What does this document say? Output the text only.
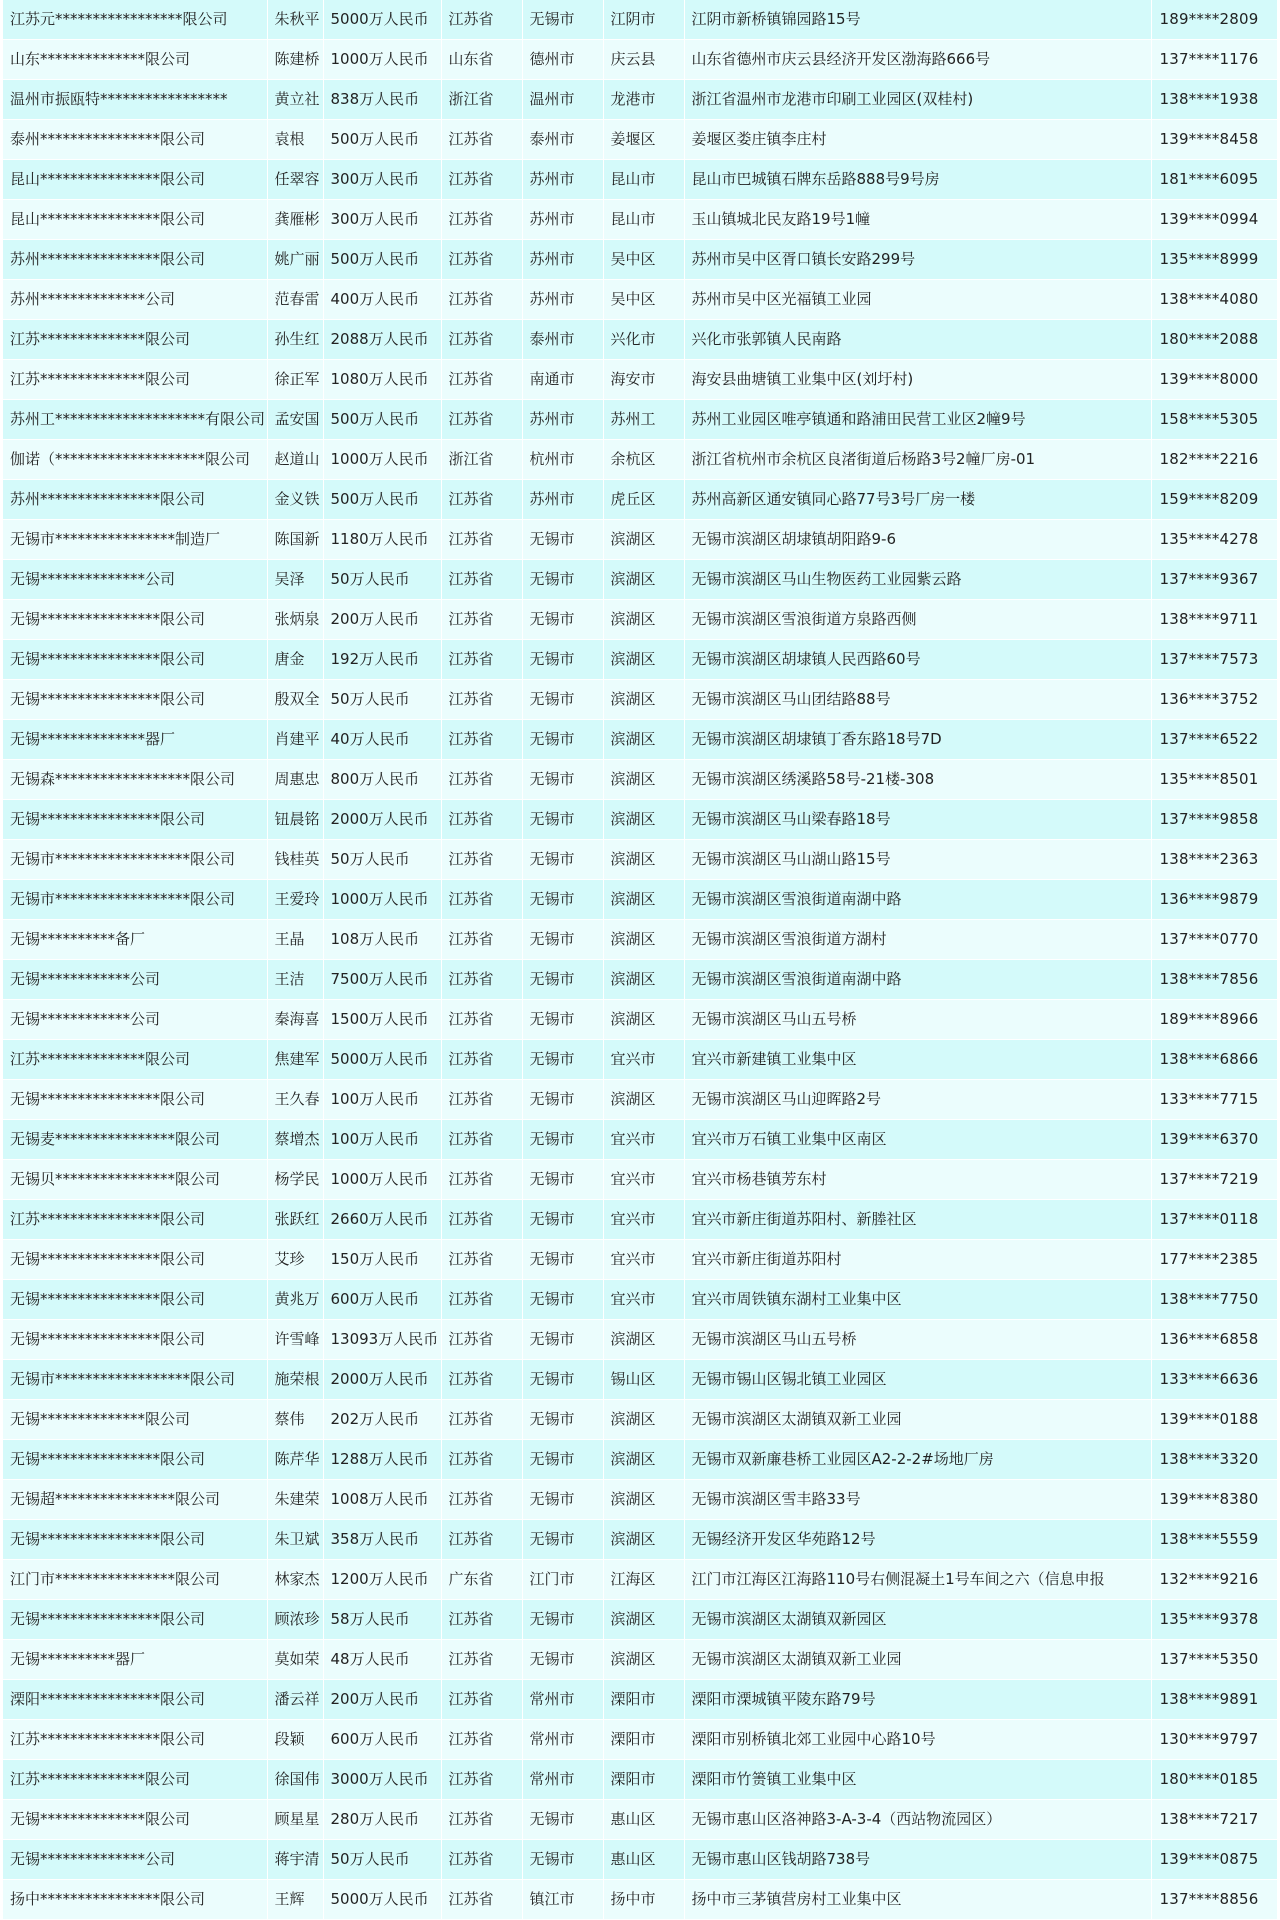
江苏元*****************限公司	朱秋平	5000万人民币	江苏省	无锡市	江阴市	江阴市新桥镇锦园路15号	189****2809
山东**************限公司	陈建桥	1000万人民币	山东省	德州市	庆云县	山东省德州市庆云县经济开发区渤海路666号	137****1176
温州市振瓯特*****************	黄立社	838万人民币	浙江省	温州市	龙港市	浙江省温州市龙港市印刷工业园区(双桂村)	138****1938
泰州****************限公司	袁根	500万人民币	江苏省	泰州市	姜堰区	姜堰区娄庄镇李庄村	139****8458
昆山****************限公司	任翠容	300万人民币	江苏省	苏州市	昆山市	昆山市巴城镇石牌东岳路888号9号房	181****6095
昆山****************限公司	龚雁彬	300万人民币	江苏省	苏州市	昆山市	玉山镇城北民友路19号1幢	139****0994
苏州****************限公司	姚广丽	500万人民币	江苏省	苏州市	吴中区	苏州市吴中区胥口镇长安路299号	135****8999
苏州**************公司	范春雷	400万人民币	江苏省	苏州市	吴中区	苏州市吴中区光福镇工业园	138****4080
江苏**************限公司	孙生红	2088万人民币	江苏省	泰州市	兴化市	兴化市张郭镇人民南路	180****2088
江苏**************限公司	徐正军	1080万人民币	江苏省	南通市	海安市	海安县曲塘镇工业集中区(刘圩村)	139****8000
苏州工********************有限公司	孟安国	500万人民币	江苏省	苏州市	苏州工	苏州工业园区唯亭镇通和路浦田民营工业区2幢9号	158****5305
伽诺（********************限公司	赵道山	1000万人民币	浙江省	杭州市	余杭区	浙江省杭州市余杭区良渚街道后杨路3号2幢厂房-01	182****2216
苏州****************限公司	金义铁	500万人民币	江苏省	苏州市	虎丘区	苏州高新区通安镇同心路77号3号厂房一楼	159****8209
无锡市****************制造厂	陈国新	1180万人民币	江苏省	无锡市	滨湖区	无锡市滨湖区胡埭镇胡阳路9-6	135****4278
无锡**************公司	吴泽	50万人民币	江苏省	无锡市	滨湖区	无锡市滨湖区马山生物医药工业园紫云路	137****9367
无锡****************限公司	张炳泉	200万人民币	江苏省	无锡市	滨湖区	无锡市滨湖区雪浪街道方泉路西侧	138****9711
无锡****************限公司	唐金	192万人民币	江苏省	无锡市	滨湖区	无锡市滨湖区胡埭镇人民西路60号	137****7573
无锡****************限公司	殷双全	50万人民币	江苏省	无锡市	滨湖区	无锡市滨湖区马山团结路88号	136****3752
无锡**************器厂	肖建平	40万人民币	江苏省	无锡市	滨湖区	无锡市滨湖区胡埭镇丁香东路18号7D	137****6522
无锡森******************限公司	周惠忠	800万人民币	江苏省	无锡市	滨湖区	无锡市滨湖区绣溪路58号-21楼-308	135****8501
无锡****************限公司	钮晨铭	2000万人民币	江苏省	无锡市	滨湖区	无锡市滨湖区马山梁春路18号	137****9858
无锡市******************限公司	钱桂英	50万人民币	江苏省	无锡市	滨湖区	无锡市滨湖区马山湖山路15号	138****2363
无锡市******************限公司	王爱玲	1000万人民币	江苏省	无锡市	滨湖区	无锡市滨湖区雪浪街道南湖中路	136****9879
无锡**********备厂	王晶	108万人民币	江苏省	无锡市	滨湖区	无锡市滨湖区雪浪街道方湖村	137****0770
无锡************公司	王洁	7500万人民币	江苏省	无锡市	滨湖区	无锡市滨湖区雪浪街道南湖中路	138****7856
无锡************公司	秦海喜	1500万人民币	江苏省	无锡市	滨湖区	无锡市滨湖区马山五号桥	189****8966
江苏**************限公司	焦建军	5000万人民币	江苏省	无锡市	宜兴市	宜兴市新建镇工业集中区	138****6866
无锡****************限公司	王久春	100万人民币	江苏省	无锡市	滨湖区	无锡市滨湖区马山迎晖路2号	133****7715
无锡麦****************限公司	蔡增杰	100万人民币	江苏省	无锡市	宜兴市	宜兴市万石镇工业集中区南区	139****6370
无锡贝****************限公司	杨学民	1000万人民币	江苏省	无锡市	宜兴市	宜兴市杨巷镇芳东村	137****7219
江苏****************限公司	张跃红	2660万人民币	江苏省	无锡市	宜兴市	宜兴市新庄街道苏阳村、新塍社区	137****0118
无锡****************限公司	艾珍	150万人民币	江苏省	无锡市	宜兴市	宜兴市新庄街道苏阳村	177****2385
无锡****************限公司	黄兆万	600万人民币	江苏省	无锡市	宜兴市	宜兴市周铁镇东湖村工业集中区	138****7750
无锡****************限公司	许雪峰	13093万人民币	江苏省	无锡市	滨湖区	无锡市滨湖区马山五号桥	136****6858
无锡市******************限公司	施荣根	2000万人民币	江苏省	无锡市	锡山区	无锡市锡山区锡北镇工业园区	133****6636
无锡**************限公司	蔡伟	202万人民币	江苏省	无锡市	滨湖区	无锡市滨湖区太湖镇双新工业园	139****0188
无锡****************限公司	陈芹华	1288万人民币	江苏省	无锡市	滨湖区	无锡市双新廉巷桥工业园区A2-2-2#场地厂房	138****3320
无锡超****************限公司	朱建荣	1008万人民币	江苏省	无锡市	滨湖区	无锡市滨湖区雪丰路33号	139****8380
无锡****************限公司	朱卫斌	358万人民币	江苏省	无锡市	滨湖区	无锡经济开发区华苑路12号	138****5559
江门市****************限公司	林家杰	1200万人民币	广东省	江门市	江海区	江门市江海区江海路110号右侧混凝土1号车间之六（信息申报	132****9216
无锡****************限公司	顾浓珍	58万人民币	江苏省	无锡市	滨湖区	无锡市滨湖区太湖镇双新园区	135****9378
无锡**********器厂	莫如荣	48万人民币	江苏省	无锡市	滨湖区	无锡市滨湖区太湖镇双新工业园	137****5350
溧阳****************限公司	潘云祥	200万人民币	江苏省	常州市	溧阳市	溧阳市溧城镇平陵东路79号	138****9891
江苏****************限公司	段颖	600万人民币	江苏省	常州市	溧阳市	溧阳市别桥镇北郊工业园中心路10号	130****9797
江苏**************限公司	徐国伟	3000万人民币	江苏省	常州市	溧阳市	溧阳市竹箦镇工业集中区	180****0185
无锡**************限公司	顾星星	280万人民币	江苏省	无锡市	惠山区	无锡市惠山区洛神路3-A-3-4（西站物流园区）	138****7217
无锡**************公司	蒋宇清	50万人民币	江苏省	无锡市	惠山区	无锡市惠山区钱胡路738号	139****0875
扬中****************限公司	王辉	5000万人民币	江苏省	镇江市	扬中市	扬中市三茅镇营房村工业集中区	137****8856
